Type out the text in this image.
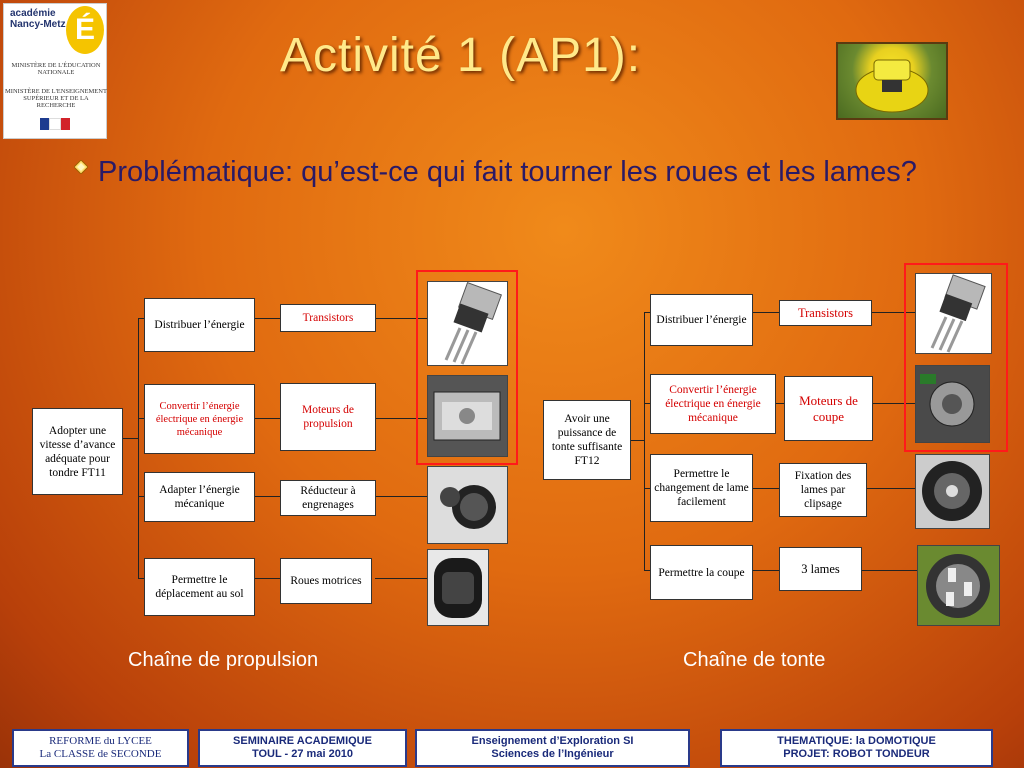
académie
Nancy-Metz É
MINISTÈRE DE L'ÉDUCATION NATIONALE
MINISTÈRE DE L'ENSEIGNEMENT SUPÉRIEUR ET DE LA RECHERCHE
Activité 1 (AP1):
Problématique: qu’est-ce qui fait tourner les roues et les lames?
Adopter une vitesse d’avance adéquate pour tondre FT11
Distribuer l’énergie
Convertir l’énergie électrique en énergie mécanique
Adapter l’énergie mécanique
Permettre le déplacement au sol
Transistors
Moteurs de propulsion
Réducteur à engrenages
Roues motrices
Chaîne de propulsion
Avoir une puissance de tonte suffisante FT12
Distribuer l’énergie
Convertir l’énergie électrique en énergie mécanique
Permettre le changement de lame facilement
Permettre la coupe
Transistors
Moteurs de coupe
Fixation des lames par clipsage
3 lames
Chaîne de tonte
REFORME du LYCEE
La CLASSE de SECONDE
SEMINAIRE ACADEMIQUE
TOUL - 27 mai 2010
Enseignement d’Exploration SI
Sciences de l’Ingénieur
THEMATIQUE: la DOMOTIQUE
PROJET: ROBOT TONDEUR
